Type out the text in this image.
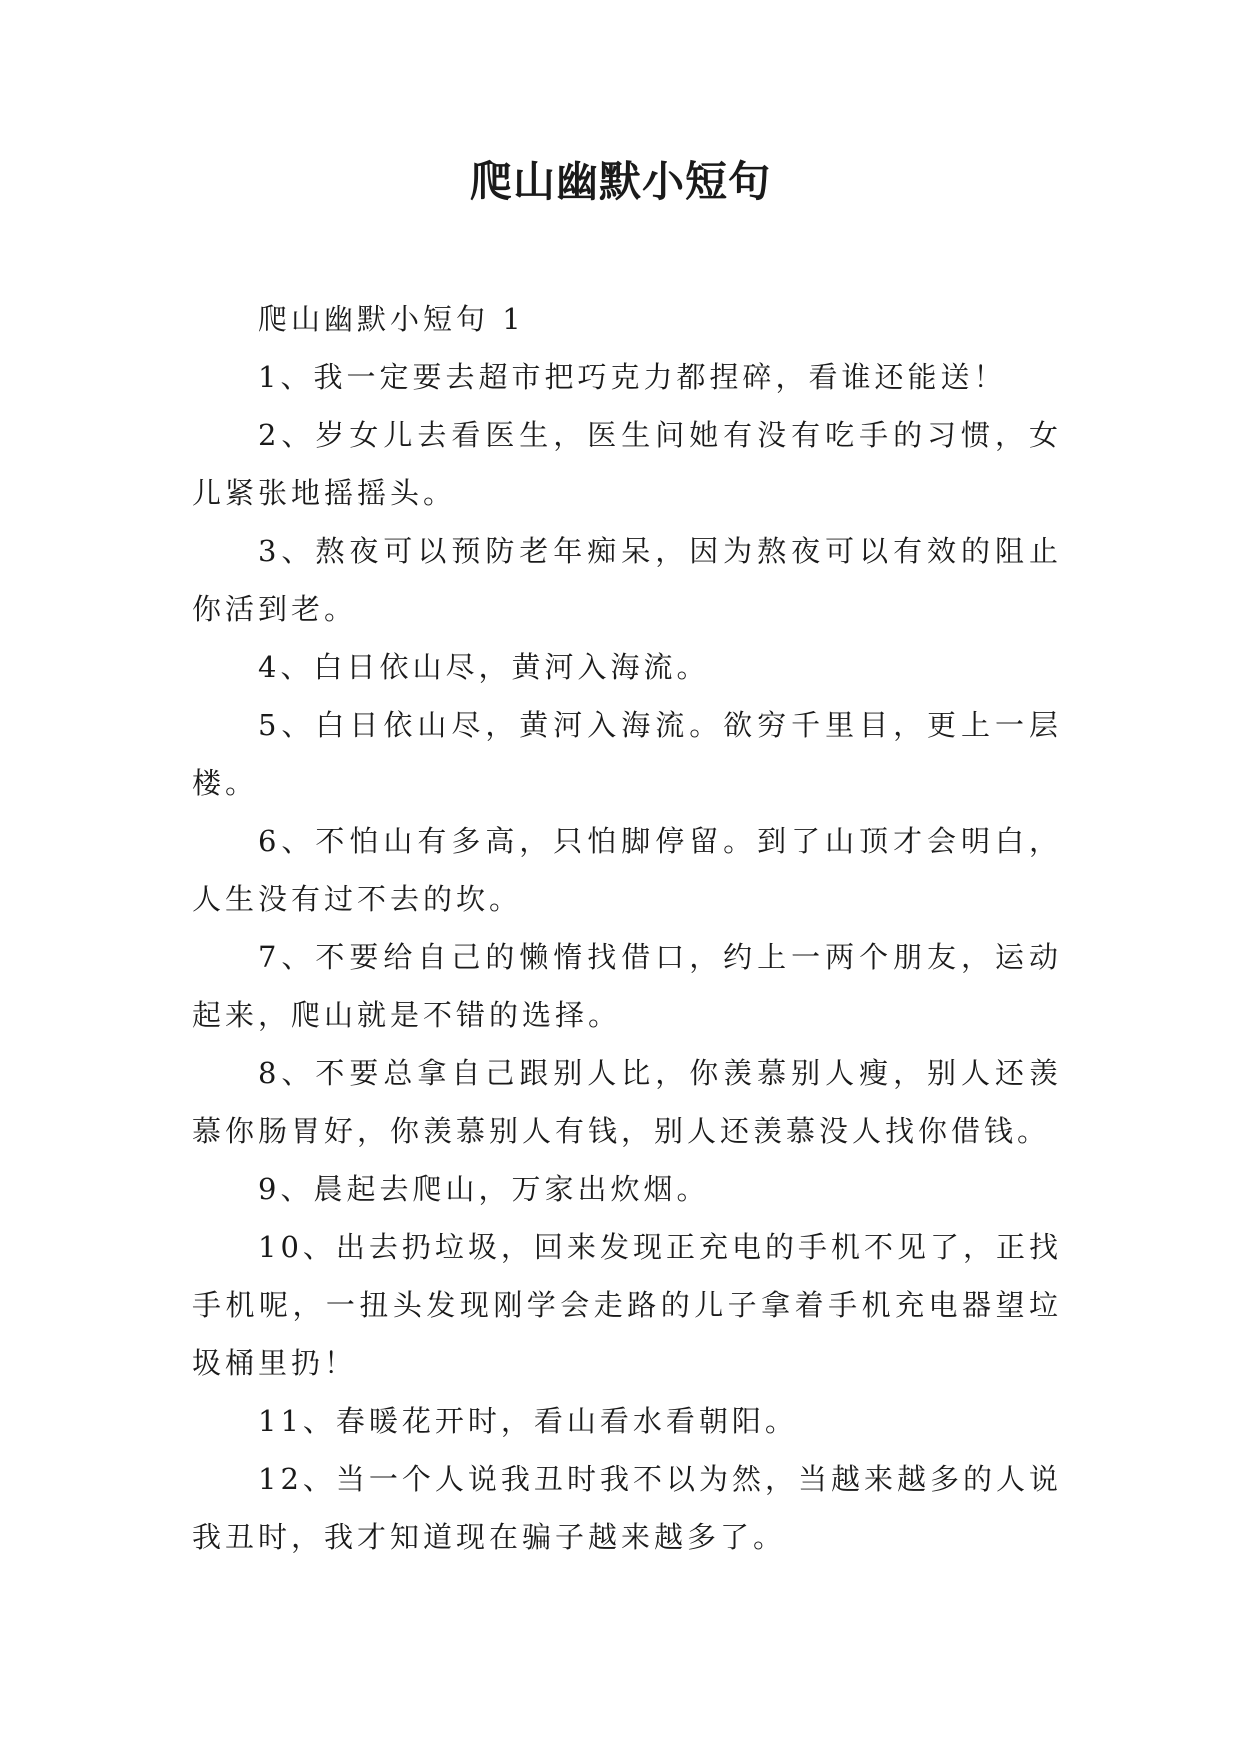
爬山幽默小短句

爬山幽默小短句 1

1、我一定要去超市把巧克力都捏碎，看谁还能送！

2、岁女儿去看医生，医生问她有没有吃手的习惯，女儿紧张地摇摇头。

3、熬夜可以预防老年痴呆，因为熬夜可以有效的阻止你活到老。

4、白日依山尽，黄河入海流。

5、白日依山尽，黄河入海流。欲穷千里目，更上一层楼。

6、不怕山有多高，只怕脚停留。到了山顶才会明白，人生没有过不去的坎。

7、不要给自己的懒惰找借口，约上一两个朋友，运动起来，爬山就是不错的选择。

8、不要总拿自己跟别人比，你羡慕别人瘦，别人还羡慕你肠胃好，你羡慕别人有钱，别人还羡慕没人找你借钱。

9、晨起去爬山，万家出炊烟。

10、出去扔垃圾，回来发现正充电的手机不见了，正找手机呢，一扭头发现刚学会走路的儿子拿着手机充电器望垃圾桶里扔！

11、春暖花开时，看山看水看朝阳。

12、当一个人说我丑时我不以为然，当越来越多的人说我丑时，我才知道现在骗子越来越多了。
